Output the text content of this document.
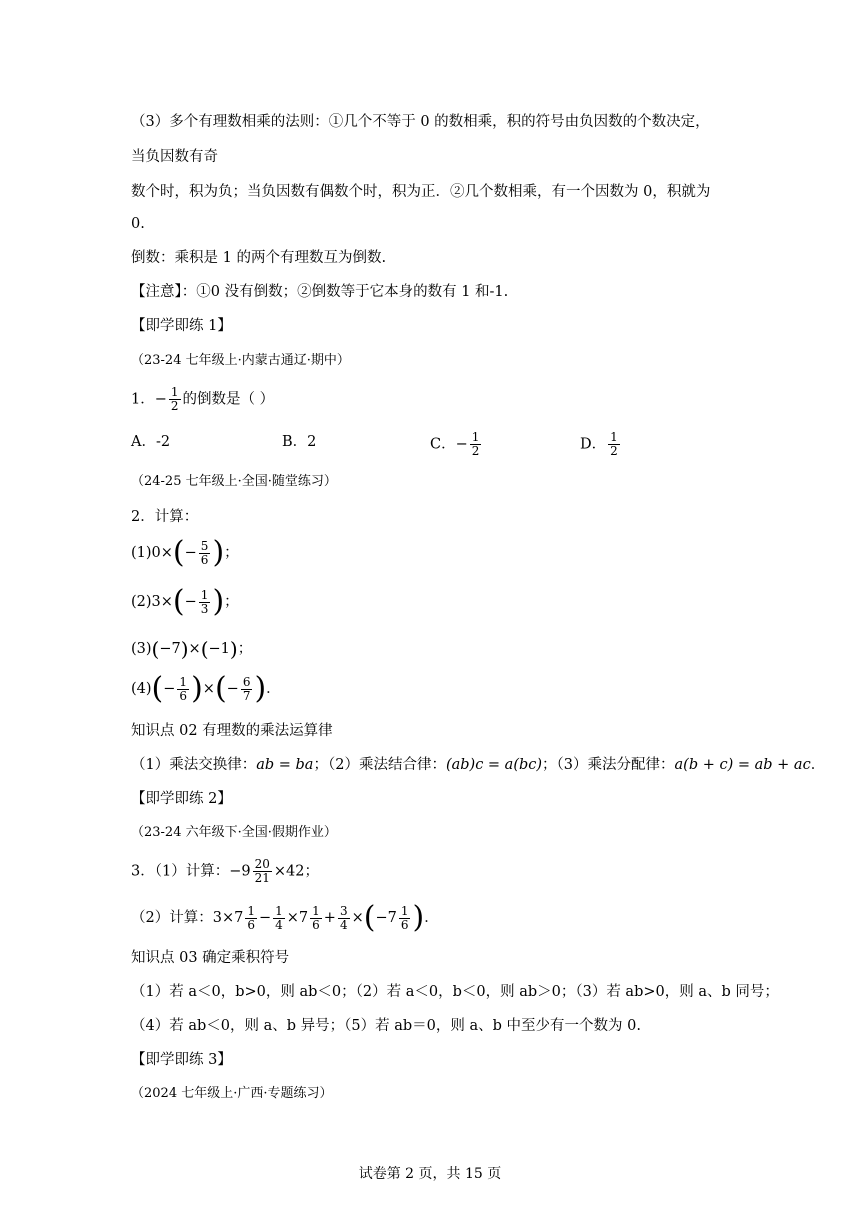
（3）多个有理数相乘的法则：①几个不等于 0 的数相乘，积的符号由负因数的个数决定，
当负因数有奇
数个时，积为负；当负因数有偶数个时，积为正．②几个数相乘，有一个因数为 0，积就为
0.
倒数：乘积是 1 的两个有理数互为倒数.
【注意】：①0 没有倒数；②倒数等于它本身的数有 1 和-1.
【即学即练 1】
（23-24 七年级上·内蒙古通辽·期中）
1．− $\frac{1}{2}$ 的倒数是（ ）
A．-2	B．2	C．− $\frac{1}{2}$	D． $\frac{1}{2}$
（24-25 七年级上·全国·随堂练习）
2．计算：
$(1)0\times(- \frac{5}{6}$ )；
$(2)3\times(- \frac{1}{3}$ )；
(3)(−7)×(−1)；
$(4)(- \frac{1}{6}$ )×(− $\frac{6}{7}$ )．
知识点 02 有理数的乘法运算律
（1）乘法交换律：ab = ba；（2）乘法结合律：(ab)c = a(bc)；（3）乘法分配律：a(b + c) = ab + ac．
【即学即练 2】
（23-24 六年级下·全国·假期作业）
3．（1）计算：$-9 \frac{20}{21} \times 42$；
（2）计算：$3\times 7 \frac{1}{6} - \frac{1}{4} \times 7 \frac{1}{6} + \frac{3}{4} \times(-7 \frac{1}{6}$ )．
知识点 03 确定乘积符号
（1）若 a＜0，b>0，则 ab＜0；（2）若 a＜0，b＜0，则 ab＞0；（3）若 ab>0，则 a、b 同号；
（4）若 ab＜0，则 a、b 异号；（5）若 ab＝0，则 a、b 中至少有一个数为 0.
【即学即练 3】
（2024 七年级上·广西·专题练习）
试卷第 2 页，共 15 页
